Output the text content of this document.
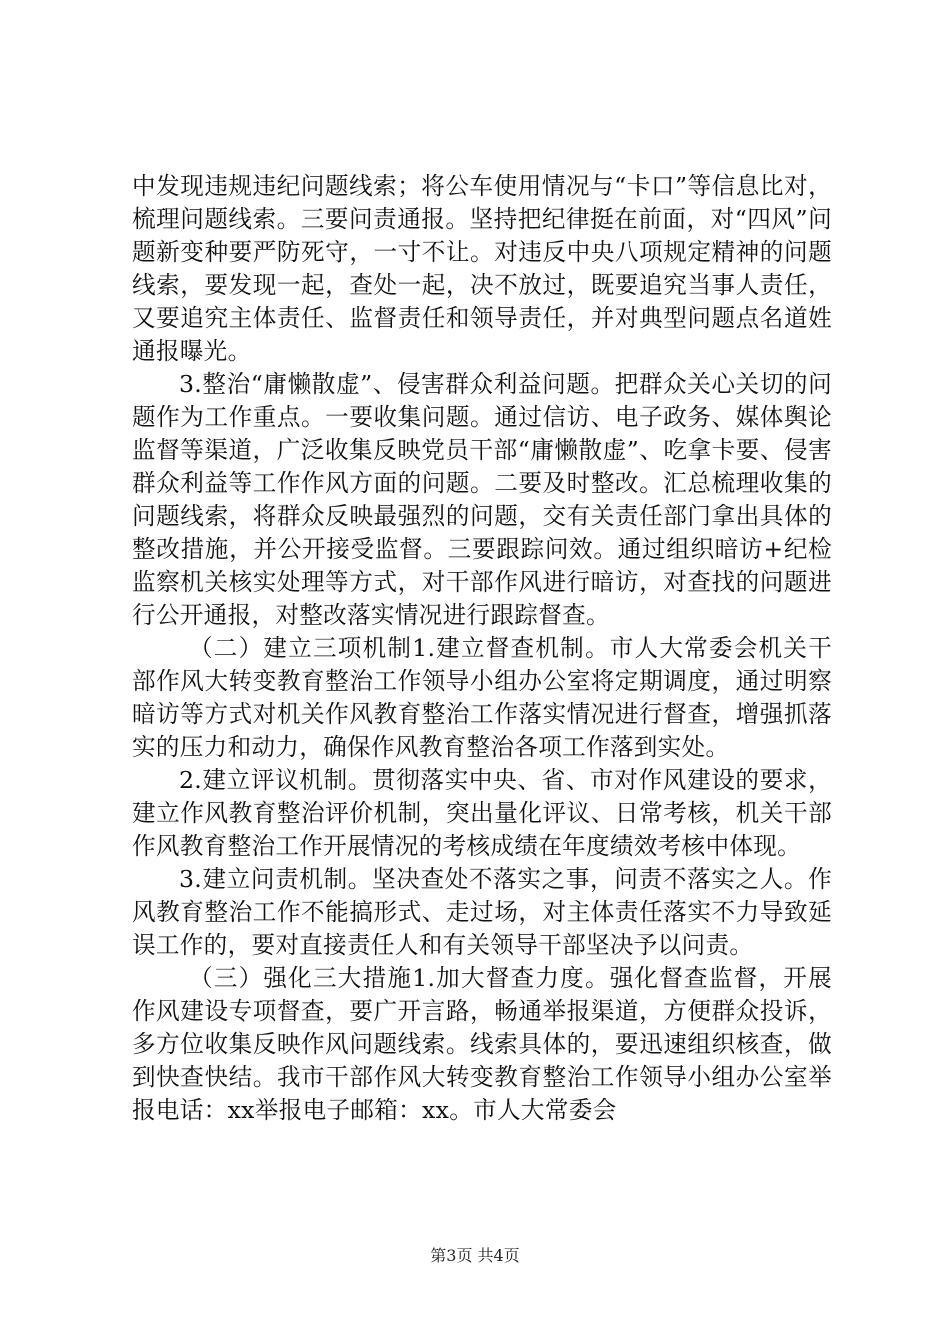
中发现违规违纪问题线索；将公车使用情况与“卡口”等信息比对，梳理问题线索。三要问责通报。坚持把纪律挺在前面，对“四风”问题新变种要严防死守，一寸不让。对违反中央八项规定精神的问题线索，要发现一起，查处一起，决不放过，既要追究当事人责任，又要追究主体责任、监督责任和领导责任，并对典型问题点名道姓通报曝光。

3.整治“庸懒散虚”、侵害群众利益问题。把群众关心关切的问题作为工作重点。一要收集问题。通过信访、电子政务、媒体舆论监督等渠道，广泛收集反映党员干部“庸懒散虚”、吃拿卡要、侵害群众利益等工作作风方面的问题。二要及时整改。汇总梳理收集的问题线索，将群众反映最强烈的问题，交有关责任部门拿出具体的整改措施，并公开接受监督。三要跟踪问效。通过组织暗访+纪检监察机关核实处理等方式，对干部作风进行暗访，对查找的问题进行公开通报，对整改落实情况进行跟踪督查。

（二）建立三项机制1.建立督查机制。市人大常委会机关干部作风大转变教育整治工作领导小组办公室将定期调度，通过明察暗访等方式对机关作风教育整治工作落实情况进行督查，增强抓落实的压力和动力，确保作风教育整治各项工作落到实处。

2.建立评议机制。贯彻落实中央、省、市对作风建设的要求，建立作风教育整治评价机制，突出量化评议、日常考核，机关干部作风教育整治工作开展情况的考核成绩在年度绩效考核中体现。

3.建立问责机制。坚决查处不落实之事，问责不落实之人。作风教育整治工作不能搞形式、走过场，对主体责任落实不力导致延误工作的，要对直接责任人和有关领导干部坚决予以问责。

（三）强化三大措施1.加大督查力度。强化督查监督，开展作风建设专项督查，要广开言路，畅通举报渠道，方便群众投诉，多方位收集反映作风问题线索。线索具体的，要迅速组织核查，做到快查快结。我市干部作风大转变教育整治工作领导小组办公室举报电话：xx举报电子邮箱：xx。市人大常委会

第3页 共4页
